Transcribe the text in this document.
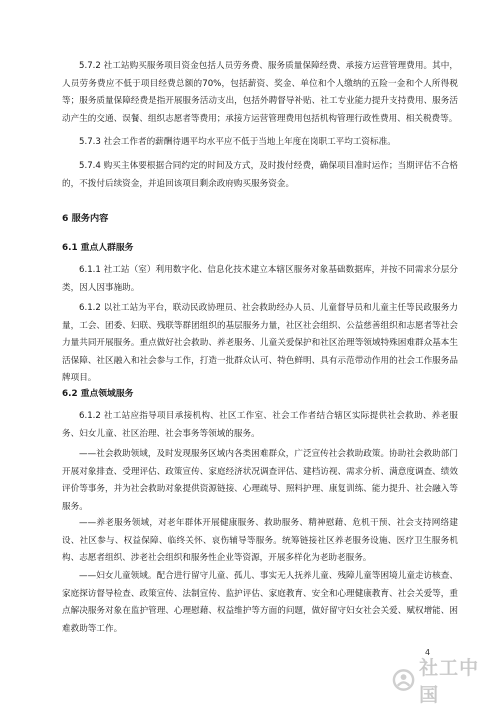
5.7.2 社工站购买服务项目资金包括人员劳务费、服务质量保障经费、承接方运营管理费用。其中，人员劳务费应不低于项目经费总额的70%，包括薪资、奖金、单位和个人缴纳的五险一金和个人所得税等；服务质量保障经费是指开展服务活动支出，包括外聘督导补贴、社工专业能力提升支持费用、服务活动产生的交通、误餐、组织志愿者等费用；承接方运营管理费用包括机构管理行政性费用、相关税费等。

5.7.3 社会工作者的薪酬待遇平均水平应不低于当地上年度在岗职工平均工资标准。

5.7.4 购买主体要根据合同约定的时间及方式，及时拨付经费，确保项目准时运作；当期评估不合格的，不拨付后续资金，并追回该项目剩余政府购买服务资金。

6 服务内容
6.1 重点人群服务

6.1.1 社工站（室）利用数字化、信息化技术建立本辖区服务对象基础数据库，并按不同需求分层分类，因人因事施助。

6.1.2 以社工站为平台，联动民政协理员、社会救助经办人员、儿童督导员和儿童主任等民政服务力量，工会、团委、妇联、残联等群团组织的基层服务力量，社区社会组织、公益慈善组织和志愿者等社会力量共同开展服务。重点做好社会救助、养老服务、儿童关爱保护和社区治理等领域特殊困难群众基本生活保障、社区融入和社会参与工作，打造一批群众认可、特色鲜明、具有示范带动作用的社会工作服务品牌项目。

6.2 重点领域服务

6.1.2 社工站应指导项目承接机构、社区工作室、社会工作者结合辖区实际提供社会救助、养老服务、妇女儿童、社区治理、社会事务等领域的服务。

——社会救助领域，及时发现服务区域内各类困难群众，广泛宣传社会救助政策。协助社会救助部门开展对象排查、受理评估、政策宣传、家庭经济状况调查评估、建档访视、需求分析、满意度调查、绩效评价等事务，并为社会救助对象提供资源链接、心理疏导、照料护理、康复训练、能力提升、社会融入等服务。

——养老服务领域，对老年群体开展健康服务、救助服务、精神慰藉、危机干预、社会支持网络建设、社区参与、权益保障、临终关怀、哀伤辅导等服务。统筹链接社区养老服务设施、医疗卫生服务机构、志愿者组织、涉老社会组织和服务性企业等资源，开展多样化为老助老服务。

——妇女儿童领域。配合进行留守儿童、孤儿、事实无人抚养儿童、残障儿童等困境儿童走访核查、家庭探访督导检查、政策宣传、法制宣传、监护评估、家庭教育、安全和心理健康教育、社会关爱等，重点解决服务对象在监护管理、心理慰藉、权益维护等方面的问题，做好留守妇女社会关爱、赋权增能、困难救助等工作。

4
社工中国
